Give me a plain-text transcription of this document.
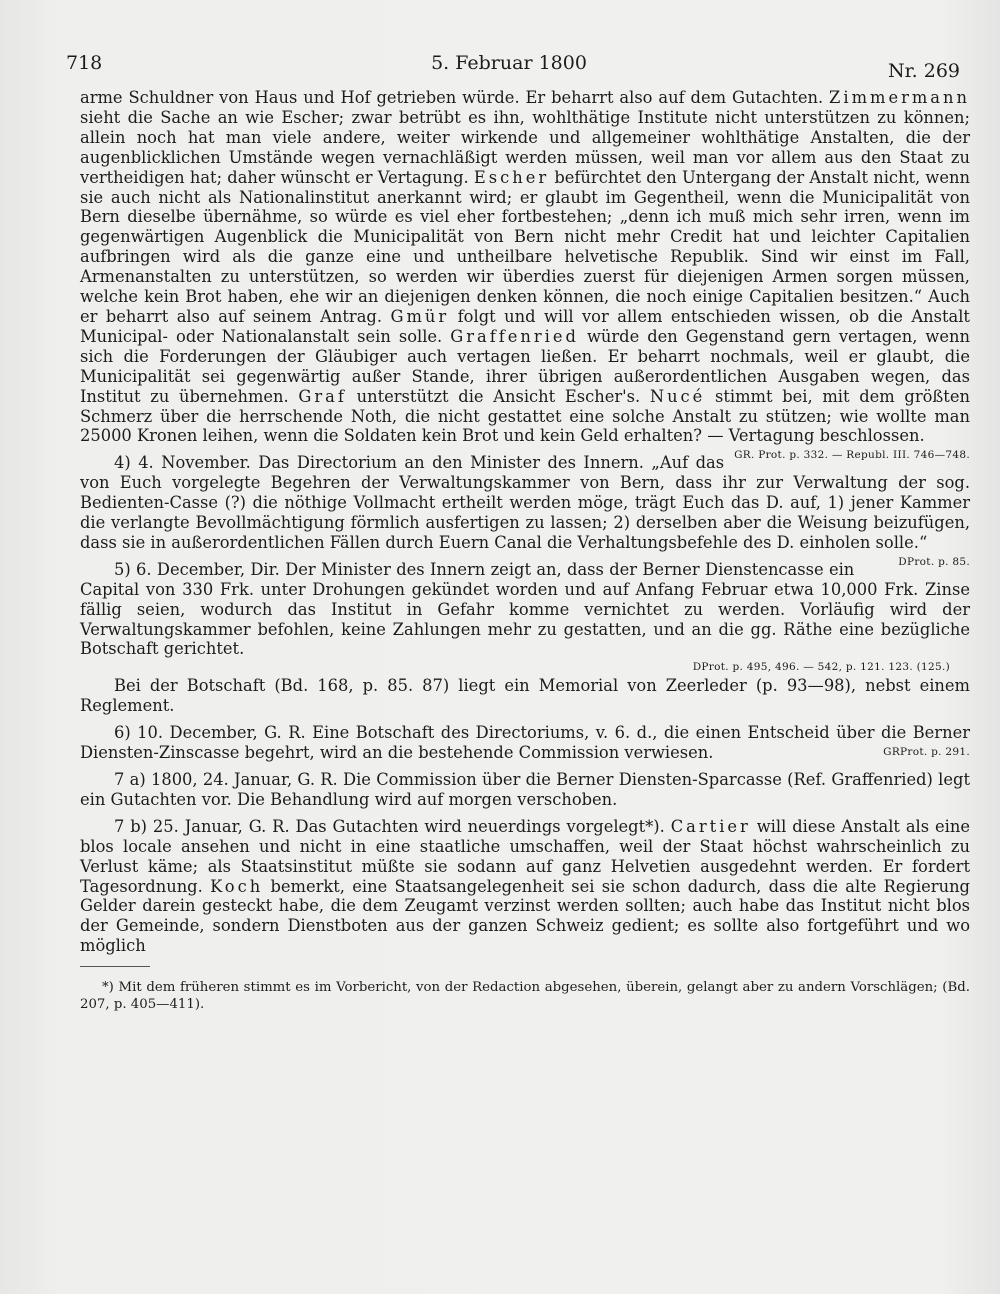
718	5. Februar 1800	Nr. 269

arme Schuldner von Haus und Hof getrieben würde. Er beharrt also auf dem Gutachten. Zimmermann sieht die Sache an wie Escher; zwar betrübt es ihn, wohlthätige Institute nicht unterstützen zu können; allein noch hat man viele andere, weiter wirkende und allgemeiner wohlthätige Anstalten, die der augenblicklichen Umstände wegen vernachläßigt werden müssen, weil man vor allem aus den Staat zu vertheidigen hat; daher wünscht er Vertagung. Escher befürchtet den Untergang der Anstalt nicht, wenn sie auch nicht als Nationalinstitut anerkannt wird; er glaubt im Gegentheil, wenn die Municipalität von Bern dieselbe übernähme, so würde es viel eher fortbestehen; „denn ich muß mich sehr irren, wenn im gegenwärtigen Augenblick die Municipalität von Bern nicht mehr Credit hat und leichter Capitalien aufbringen wird als die ganze eine und untheilbare helvetische Republik. Sind wir einst im Fall, Armenanstalten zu unterstützen, so werden wir überdies zuerst für diejenigen Armen sorgen müssen, welche kein Brot haben, ehe wir an diejenigen denken können, die noch einige Capitalien besitzen.“ Auch er beharrt also auf seinem Antrag. Gmür folgt und will vor allem entschieden wissen, ob die Anstalt Municipal- oder Nationalanstalt sein solle. Graffenried würde den Gegenstand gern vertagen, wenn sich die Forderungen der Gläubiger auch vertagen ließen. Er beharrt nochmals, weil er glaubt, die Municipalität sei gegenwärtig außer Stande, ihrer übrigen außerordentlichen Ausgaben wegen, das Institut zu übernehmen. Graf unterstützt die Ansicht Escher's. Nucé stimmt bei, mit dem größten Schmerz über die herrschende Noth, die nicht gestattet eine solche Anstalt zu stützen; wie wollte man 25000 Kronen leihen, wenn die Soldaten kein Brot und kein Geld erhalten? — Vertagung beschlossen.
GR. Prot. p. 332. — Republ. III. 746—748.

4) 4. November. Das Directorium an den Minister des Innern. „Auf das von Euch vorgelegte Begehren der Verwaltungskammer von Bern, dass ihr zur Verwaltung der sog. Bedienten-Casse (?) die nöthige Vollmacht ertheilt werden möge, trägt Euch das D. auf, 1) jener Kammer die verlangte Bevollmächtigung förmlich ausfertigen zu lassen; 2) derselben aber die Weisung beizufügen, dass sie in außerordentlichen Fällen durch Euern Canal die Verhaltungsbefehle des D. einholen solle.“
DProt. p. 85.

5) 6. December, Dir. Der Minister des Innern zeigt an, dass der Berner Dienstencasse ein Capital von 330 Frk. unter Drohungen gekündet worden und auf Anfang Februar etwa 10,000 Frk. Zinse fällig seien, wodurch das Institut in Gefahr komme vernichtet zu werden. Vorläufig wird der Verwaltungskammer befohlen, keine Zahlungen mehr zu gestatten, und an die gg. Räthe eine bezügliche Botschaft gerichtet.

DProt. p. 495, 496. — 542, p. 121. 123. (125.)

Bei der Botschaft (Bd. 168, p. 85. 87) liegt ein Memorial von Zeerleder (p. 93—98), nebst einem Reglement.

6) 10. December, G. R. Eine Botschaft des Directoriums, v. 6. d., die einen Entscheid über die Berner Diensten-Zinscasse begehrt, wird an die bestehende Commission verwiesen.	GRProt. p. 291.

7 a) 1800, 24. Januar, G. R. Die Commission über die Berner Diensten-Sparcasse (Ref. Graffenried) legt ein Gutachten vor. Die Behandlung wird auf morgen verschoben.

7 b) 25. Januar, G. R. Das Gutachten wird neuerdings vorgelegt*). Cartier will diese Anstalt als eine blos locale ansehen und nicht in eine staatliche umschaffen, weil der Staat höchst wahrscheinlich zu Verlust käme; als Staatsinstitut müßte sie sodann auf ganz Helvetien ausgedehnt werden. Er fordert Tagesordnung. Koch bemerkt, eine Staatsangelegenheit sei sie schon dadurch, dass die alte Regierung Gelder darein gesteckt habe, die dem Zeugamt verzinst werden sollten; auch habe das Institut nicht blos der Gemeinde, sondern Dienstboten aus der ganzen Schweiz gedient; es sollte also fortgeführt und wo möglich

*) Mit dem früheren stimmt es im Vorbericht, von der Redaction abgesehen, überein, gelangt aber zu andern Vorschlägen; (Bd. 207, p. 405—411).
